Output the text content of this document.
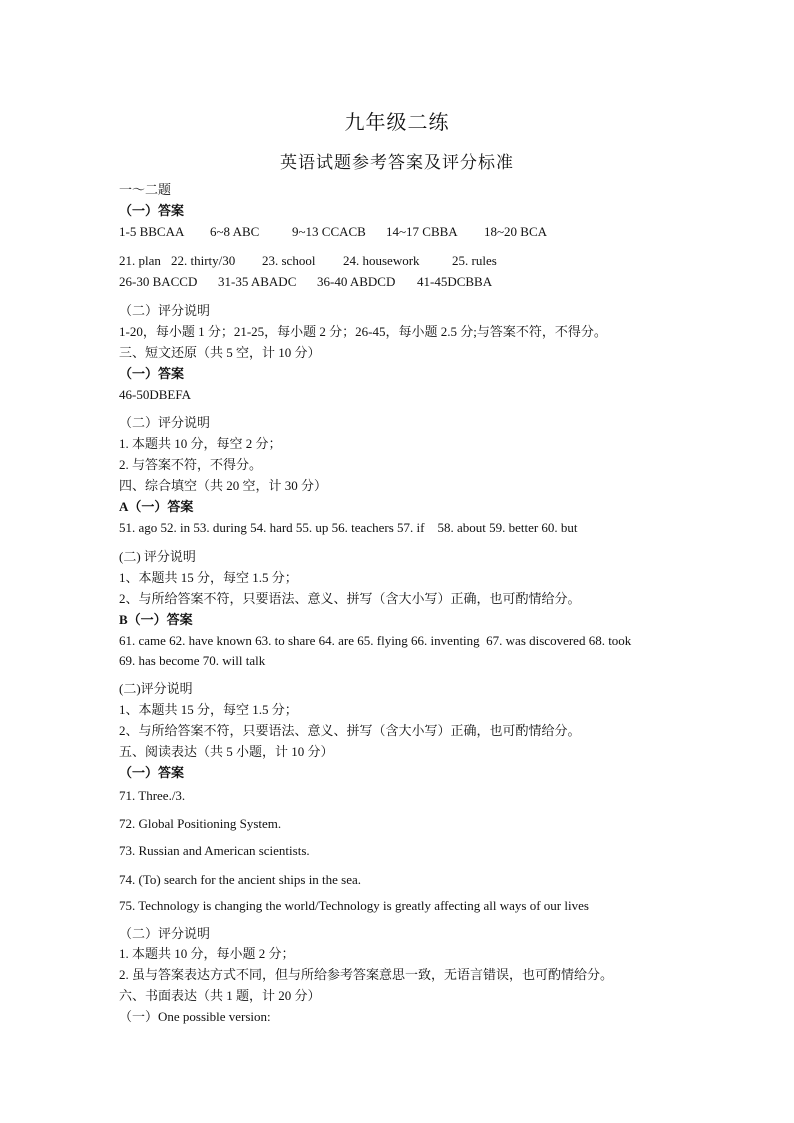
九年级二练
英语试题参考答案及评分标准
一～二题
（一）答案
1-5 BBCAA 6~8 ABC	9~13 CCACB 14~17 CBBA 18~20 BCA
21. plan 22. thirty/30 23. school 24. housework 25. rules
26-30 BACCD 31-35 ABADC 36-40 ABDCD 41-45DCBBA
（二）评分说明
1-20，每小题 1 分；21-25，每小题 2 分；26-45，每小题 2.5 分;与答案不符，不得分。
三、短文还原（共 5 空，计 10 分）
（一）答案
46-50DBEFA
（二）评分说明
1. 本题共 10 分，每空 2 分；
2. 与答案不符，不得分。
四、综合填空（共 20 空，计 30 分）
A（一）答案
51. ago 52. in 53. during 54. hard 55. up 56. teachers 57. if    58. about 59. better 60. but
(二) 评分说明
1、本题共 15 分，每空 1.5 分；
2、与所给答案不符，只要语法、意义、拼写（含大小写）正确，也可酌情给分。
B（一）答案
61. came 62. have known 63. to share 64. are 65. flying 66. inventing  67. was discovered 68. took
69. has become 70. will talk
(二)评分说明
1、本题共 15 分，每空 1.5 分；
2、与所给答案不符，只要语法、意义、拼写（含大小写）正确，也可酌情给分。
五、阅读表达（共 5 小题，计 10 分）
（一）答案
71. Three./3.
72. Global Positioning System.
73. Russian and American scientists.
74. (To) search for the ancient ships in the sea.
75. Technology is changing the world/Technology is greatly affecting all ways of our lives
（二）评分说明
1. 本题共 10 分，每小题 2 分；
2. 虽与答案表达方式不同，但与所给参考答案意思一致，无语言错误，也可酌情给分。
六、书面表达（共 1 题，计 20 分）
（一）One possible version:
